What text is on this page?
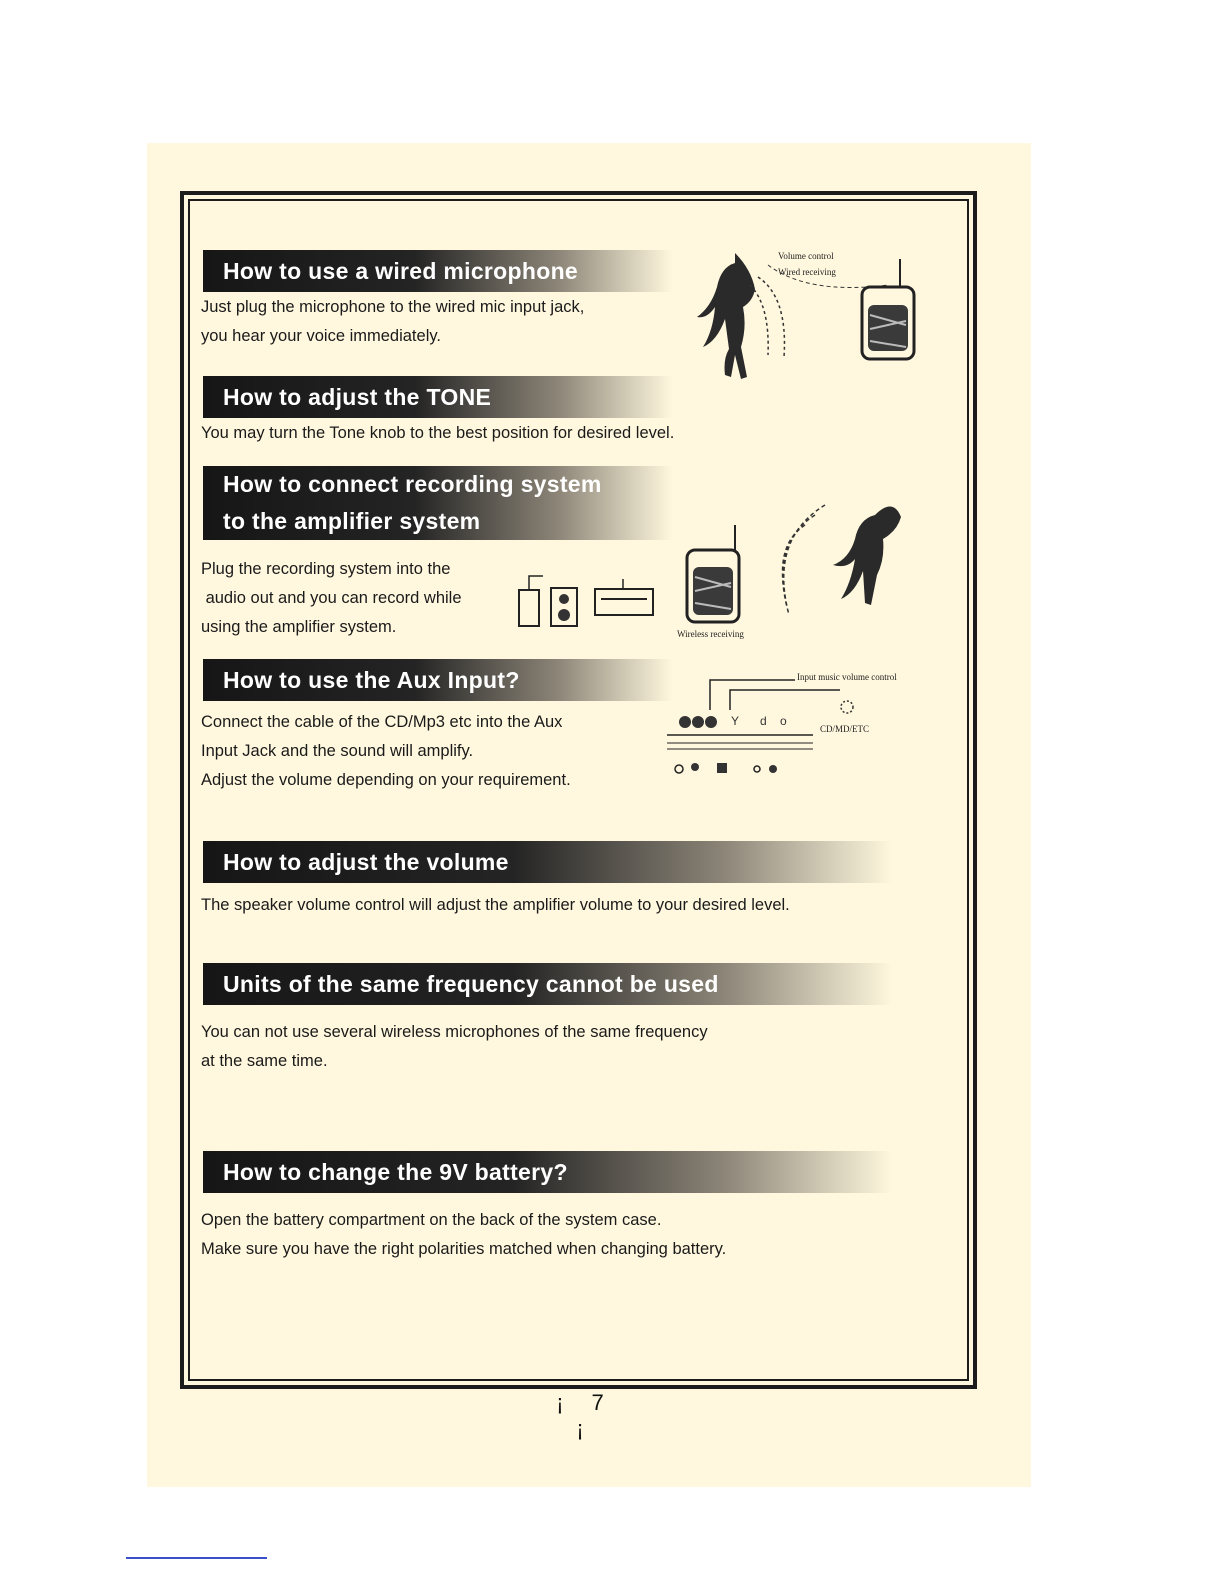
How to use a wired microphone
Just plug the microphone to the wired mic input jack,
you hear your voice immediately.
Volume control
Wired receiving
How to adjust the TONE
You may turn the Tone knob to the best position for desired level.
How to connect recording system
to the amplifier system
Plug the recording system into the
audio out and you can record while
using the amplifier system.	Wireless receiving
How to use the Aux Input?
Connect the cable of the CD/Mp3 etc into the Aux
Input Jack and the sound will amplify.
Adjust the volume depending on your requirement.
Y d o
Input music volume control
CD/MD/ETC
How to adjust the volume
The speaker volume control will adjust the amplifier volume to your desired level.
Units of the same frequency cannot be used
You can not use several wireless microphones of the same frequency
at the same time.
How to change the 9V battery?
Open the battery compartment on the back of the system case.
Make sure you have the right polarities matched when changing battery.
¡ 7¡
